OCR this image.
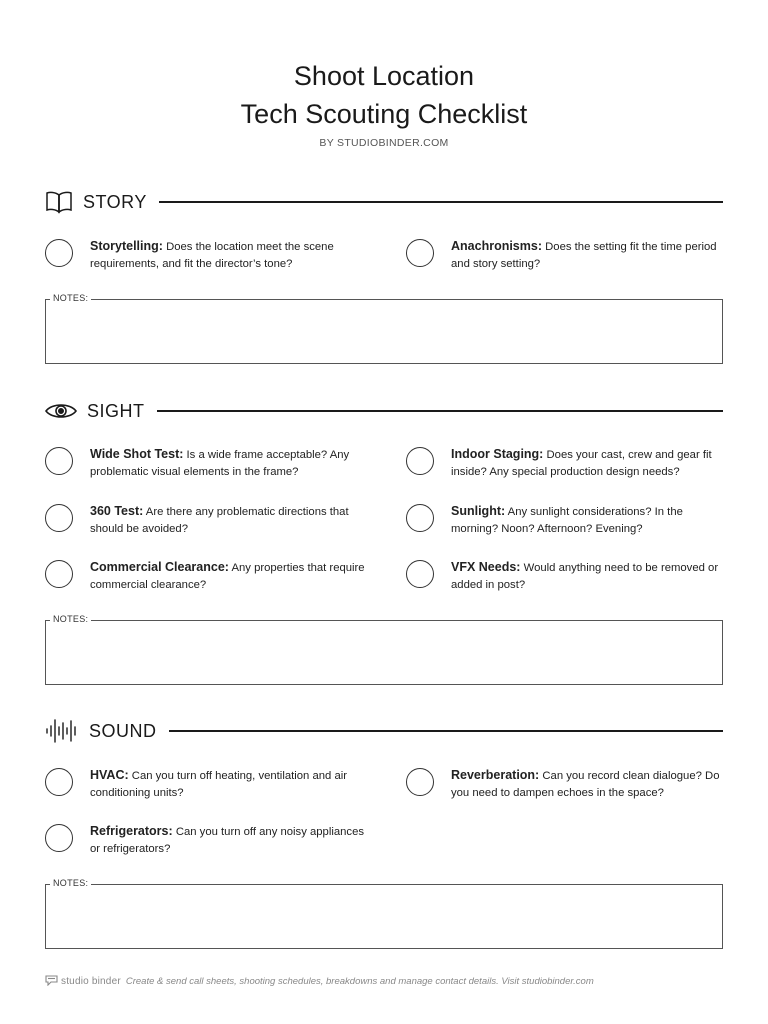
Shoot Location
Tech Scouting Checklist
BY STUDIOBINDER.COM
STORY
Storytelling: Does the location meet the scene requirements, and fit the director’s tone?
Anachronisms: Does the setting fit the time period and story setting?
NOTES:
SIGHT
Wide Shot Test: Is a wide frame acceptable? Any problematic visual elements in the frame?
Indoor Staging: Does your cast, crew and gear fit inside? Any special production design needs?
360 Test: Are there any problematic directions that should be avoided?
Sunlight: Any sunlight considerations? In the morning? Noon? Afternoon? Evening?
Commercial Clearance: Any properties that require commercial clearance?
VFX Needs: Would anything need to be removed or added in post?
NOTES:
SOUND
HVAC: Can you turn off heating, ventilation and air conditioning units?
Reverberation: Can you record clean dialogue? Do you need to dampen echoes in the space?
Refrigerators: Can you turn off any noisy appliances or refrigerators?
NOTES:
studio binder Create & send call sheets, shooting schedules, breakdowns and manage contact details. Visit studiobinder.com
